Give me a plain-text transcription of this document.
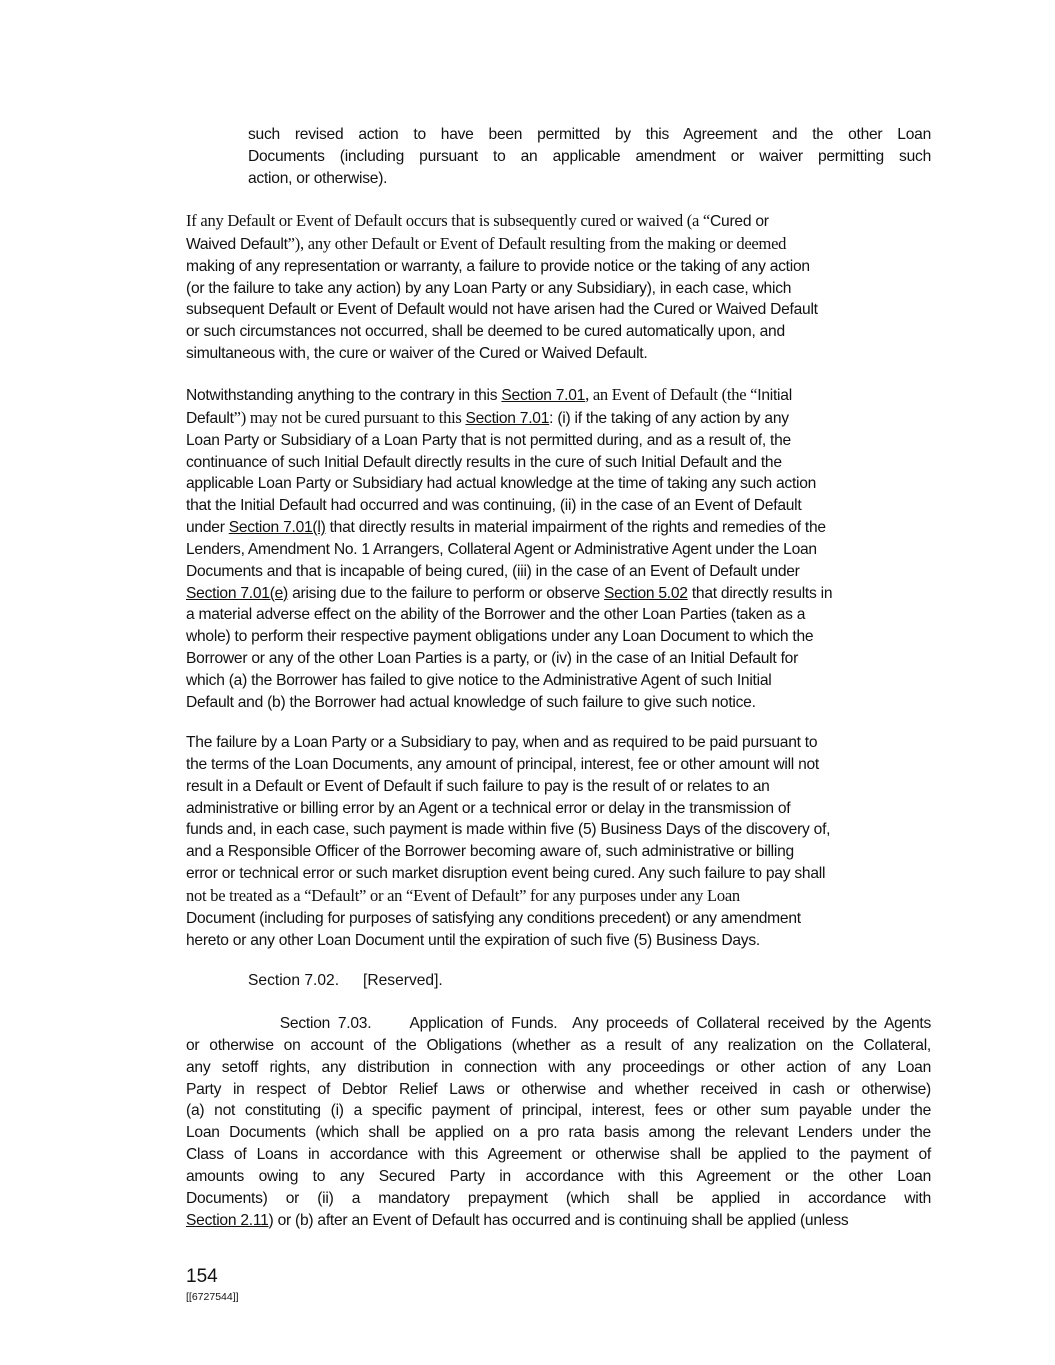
such revised action to have been permitted by this Agreement and the other Loan
Documents (including pursuant to an applicable amendment or waiver permitting such
action, or otherwise).
If any Default or Event of Default occurs that is subsequently cured or waived (a “Cured or
Waived Default”), any other Default or Event of Default resulting from the making or deemed
making of any representation or warranty, a failure to provide notice or the taking of any action
(or the failure to take any action) by any Loan Party or any Subsidiary), in each case, which
subsequent Default or Event of Default would not have arisen had the Cured or Waived Default
or such circumstances not occurred, shall be deemed to be cured automatically upon, and
simultaneous with, the cure or waiver of the Cured or Waived Default.
Notwithstanding anything to the contrary in this Section 7.01, an Event of Default (the “Initial
Default”) may not be cured pursuant to this Section 7.01: (i) if the taking of any action by any
Loan Party or Subsidiary of a Loan Party that is not permitted during, and as a result of, the
continuance of such Initial Default directly results in the cure of such Initial Default and the
applicable Loan Party or Subsidiary had actual knowledge at the time of taking any such action
that the Initial Default had occurred and was continuing, (ii) in the case of an Event of Default
under Section 7.01(l) that directly results in material impairment of the rights and remedies of the
Lenders, Amendment No. 1 Arrangers, Collateral Agent or Administrative Agent under the Loan
Documents and that is incapable of being cured, (iii) in the case of an Event of Default under
Section 7.01(e) arising due to the failure to perform or observe Section 5.02 that directly results in
a material adverse effect on the ability of the Borrower and the other Loan Parties (taken as a
whole) to perform their respective payment obligations under any Loan Document to which the
Borrower or any of the other Loan Parties is a party, or (iv) in the case of an Initial Default for
which (a) the Borrower has failed to give notice to the Administrative Agent of such Initial
Default and (b) the Borrower had actual knowledge of such failure to give such notice.
The failure by a Loan Party or a Subsidiary to pay, when and as required to be paid pursuant to
the terms of the Loan Documents, any amount of principal, interest, fee or other amount will not
result in a Default or Event of Default if such failure to pay is the result of or relates to an
administrative or billing error by an Agent or a technical error or delay in the transmission of
funds and, in each case, such payment is made within five (5) Business Days of the discovery of,
and a Responsible Officer of the Borrower becoming aware of, such administrative or billing
error or technical error or such market disruption event being cured. Any such failure to pay shall
not be treated as a “Default” or an “Event of Default” for any purposes under any Loan
Document (including for purposes of satisfying any conditions precedent) or any amendment
hereto or any other Loan Document until the expiration of such five (5) Business Days.
Section 7.03.     Application of Funds.  Any proceeds of Collateral received by the Agents
or otherwise on account of the Obligations (whether as a result of any realization on the Collateral,
any setoff rights, any distribution in connection with any proceedings or other action of any Loan
Party in respect of Debtor Relief Laws or otherwise and whether received in cash or otherwise)
(a) not constituting (i) a specific payment of principal, interest, fees or other sum payable under the
Loan Documents (which shall be applied on a pro rata basis among the relevant Lenders under the
Class of Loans in accordance with this Agreement or otherwise shall be applied to the payment of
amounts owing to any Secured Party in accordance with this Agreement or the other Loan
Documents) or (ii) a mandatory prepayment (which shall be applied in accordance with
Section 2.11) or (b) after an Event of Default has occurred and is continuing shall be applied (unless
Section 7.02. [Reserved].
154
[[6727544]]
